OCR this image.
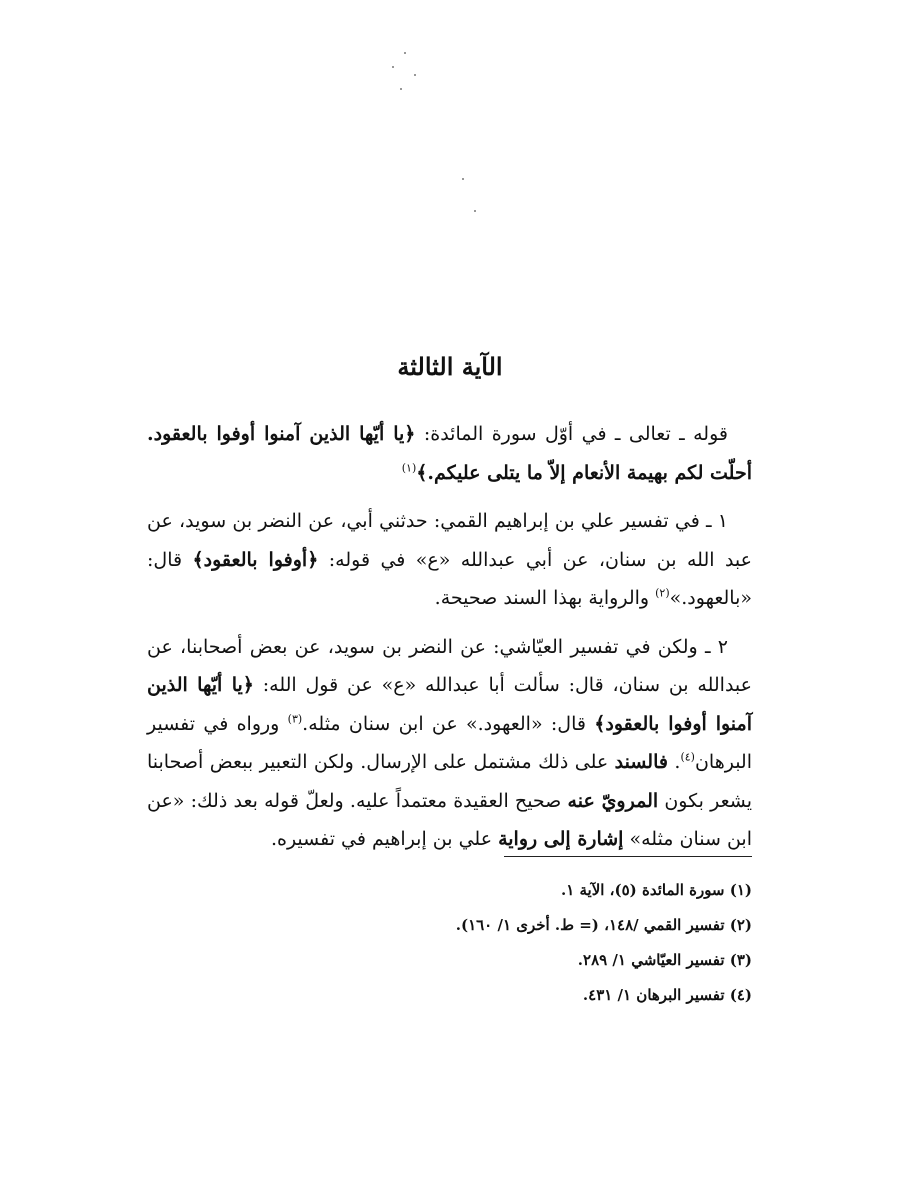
الآية الثالثة

قوله ـ تعالى ـ في أوّل سورة المائدة: ﴿يا أيّها الذين آمنوا أوفوا بالعقود. أحلّت لكم بهيمة الأنعام إلاّ ما يتلى عليكم.﴾$^{(١)}$

١ ـ في تفسير علي بن إبراهيم القمي: حدثني أبي، عن النضر بن سويد، عن عبد الله بن سنان، عن أبي عبدالله «ع» في قوله: ﴿أوفوا بالعقود﴾ قال: «بالعهود.»$^{(٢)}$ والرواية بهذا السند صحيحة.

٢ ـ ولكن في تفسير العيّاشي: عن النضر بن سويد، عن بعض أصحابنا، عن عبدالله بن سنان، قال: سألت أبا عبدالله «ع» عن قول الله: ﴿يا أيّها الذين آمنوا أوفوا بالعقود﴾ قال: «العهود.» عن ابن سنان مثله.$^{(٣)}$ ورواه في تفسير البرهان$^{(٤)}$. فالسند على ذلك مشتمل على الإرسال. ولكن التعبير ببعض أصحابنا يشعر بكون المرويّ عنه صحيح العقيدة معتمداً عليه. ولعلّ قوله بعد ذلك: «عن ابن سنان مثله» إشارة إلى رواية علي بن إبراهيم في تفسيره.

(١) سورة المائدة (٥)، الآية ١.

(٢) تفسير القمي /١٤٨، (= ط. أخرى ١/ ١٦٠).

(٣) تفسير العيّاشي ١/ ٢٨٩.

(٤) تفسير البرهان ١/ ٤٣١.
